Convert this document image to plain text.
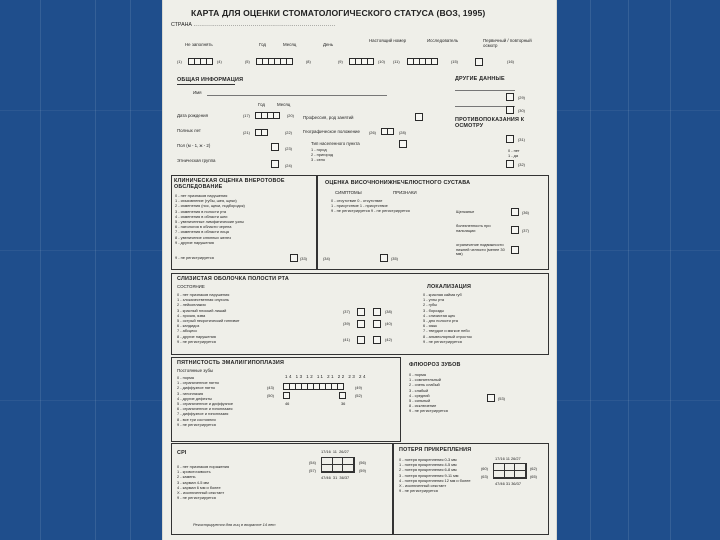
КАРТА ДЛЯ ОЦЕНКИ СТОМАТОЛОГИЧЕСКОГО СТАТУСА (ВОЗ, 1995)
СТРАНА ........................................................................
Не заполнять	Год	Месяц	День
Настоящий номер	Исследователь	Первичный / повторный осмотр
(1)	(4)	(5)	(8)	(9)	(10) (11)	(15)	(16)
ОБЩАЯ ИНФОРМАЦИЯ
Имя
Год	Месяц
Дата рождения	(17)	(20)
Полных лет	(21)	(22)
Пол (м - 1, ж - 2)
(23)
Этническая группа
(24)
Профессия, род занятий
Географическое положение (26)	(28)
Тип населенного пункта
1 - город
2 - пригород
3 - село
ДРУГИЕ ДАННЫЕ
(29)
(30)
ПРОТИВОПОКАЗАНИЯ К ОСМОТРУ
(31)
0 - нет
1 - да
(32)
КЛИНИЧЕСКАЯ ОЦЕНКА ВНЕРОТОВОЕ ОБСЛЕДОВАНИЕ
0 - нет признаков нарушения
1 - изъязвление (губы, шея, щеки)
2 - изменения (нос, щеки, подбородок)
3 - изменения в полости рта
4 - изменения в области шеи
5 - увеличенные лимфатические узлы
6 - патология в области черепа
7 - изменения в области лица
8 - увеличение слюнных желез
9 - другие нарушения
9 - не регистрируется	(33)
ОЦЕНКА ВИСОЧНОНИЖНЕЧЕЛЮСТНОГО СУСТАВА
СИМПТОМЫ	ПРИЗНАКИ
0 - отсутствие 0 - отсутствие
1 - присутствие 1 - присутствие
9 - не регистрируется 9 - не регистрируется	Щелканье	(36)
болезненность при пальпации	(37)
ограничение подвижности нижней челюсти (менее 30 мм)
(34)	(35)
СЛИЗИСТАЯ ОБОЛОЧКА ПОЛОСТИ РТА
СОСТОЯНИЕ
0 - нет признаков нарушения
1 - злокачественная опухоль
2 - лейкоплакия
3 - красный плоский лишай
4 - эрозия, язва
5 - острый некротический гингивит
6 - кандидоз
7 - абсцесс
8 - другие нарушения
9 - не регистрируется
(37)	(38)
(39)	(40)
(41)	(42)
ЛОКАЛИЗАЦИЯ
0 - красная кайма губ
1 - углы рта
2 - губы
3 - борозды
4 - слизистая щек
5 - дно полости рта
6 - язык
7 - твердое и мягкое небо
8 - альвеолярный отросток
9 - не регистрируется
ПЯТНИСТОСТЬ ЭМАЛИ/ГИПОПЛАЗИЯ
Постоянные зубы
0 - норма
1 - ограниченное пятно
2 - диффузное пятно
3 - гипоплазия
4 - другие дефекты
5 - ограниченное и диффузное
6 - ограниченное и гипоплазия
7 - диффузное и гипоплазия
8 - все три состояния
9 - не регистрируется
14 13 12 11 21 22 23 24
(43)	(49)
(50)	(52)
46	36
ФЛЮОРОЗ ЗУБОВ
0 - норма
1 - сомнительный
2 - очень слабый
3 - слабый
4 - средний
5 - сильный
8 - исключение
9 - не регистрируется
(53)
CPI
0 - нет признаков поражения
1 - кровоточивость
2 - камень
3 - карман 4-5 мм
4 - карман 6 мм и более
X - исключенный секстант
9 - не регистрируется
17/16 11 26/27
(54)	(56)
(57)	(59)
47/46 31 36/37
Регистрируется для лиц в возрасте 14 лет
ПОТЕРЯ ПРИКРЕПЛЕНИЯ
0 - потеря прикрепления 0-3 мм
1 - потеря прикрепления 4-5 мм
2 - потеря прикрепления 6-8 мм
3 - потеря прикрепления 9-11 мм
4 - потеря прикрепления 12 мм и более
X - исключенный секстант
9 - не регистрируется
17/16 11 26/27
(60)	(62)
(63)	(65)
47/46 31 36/37
